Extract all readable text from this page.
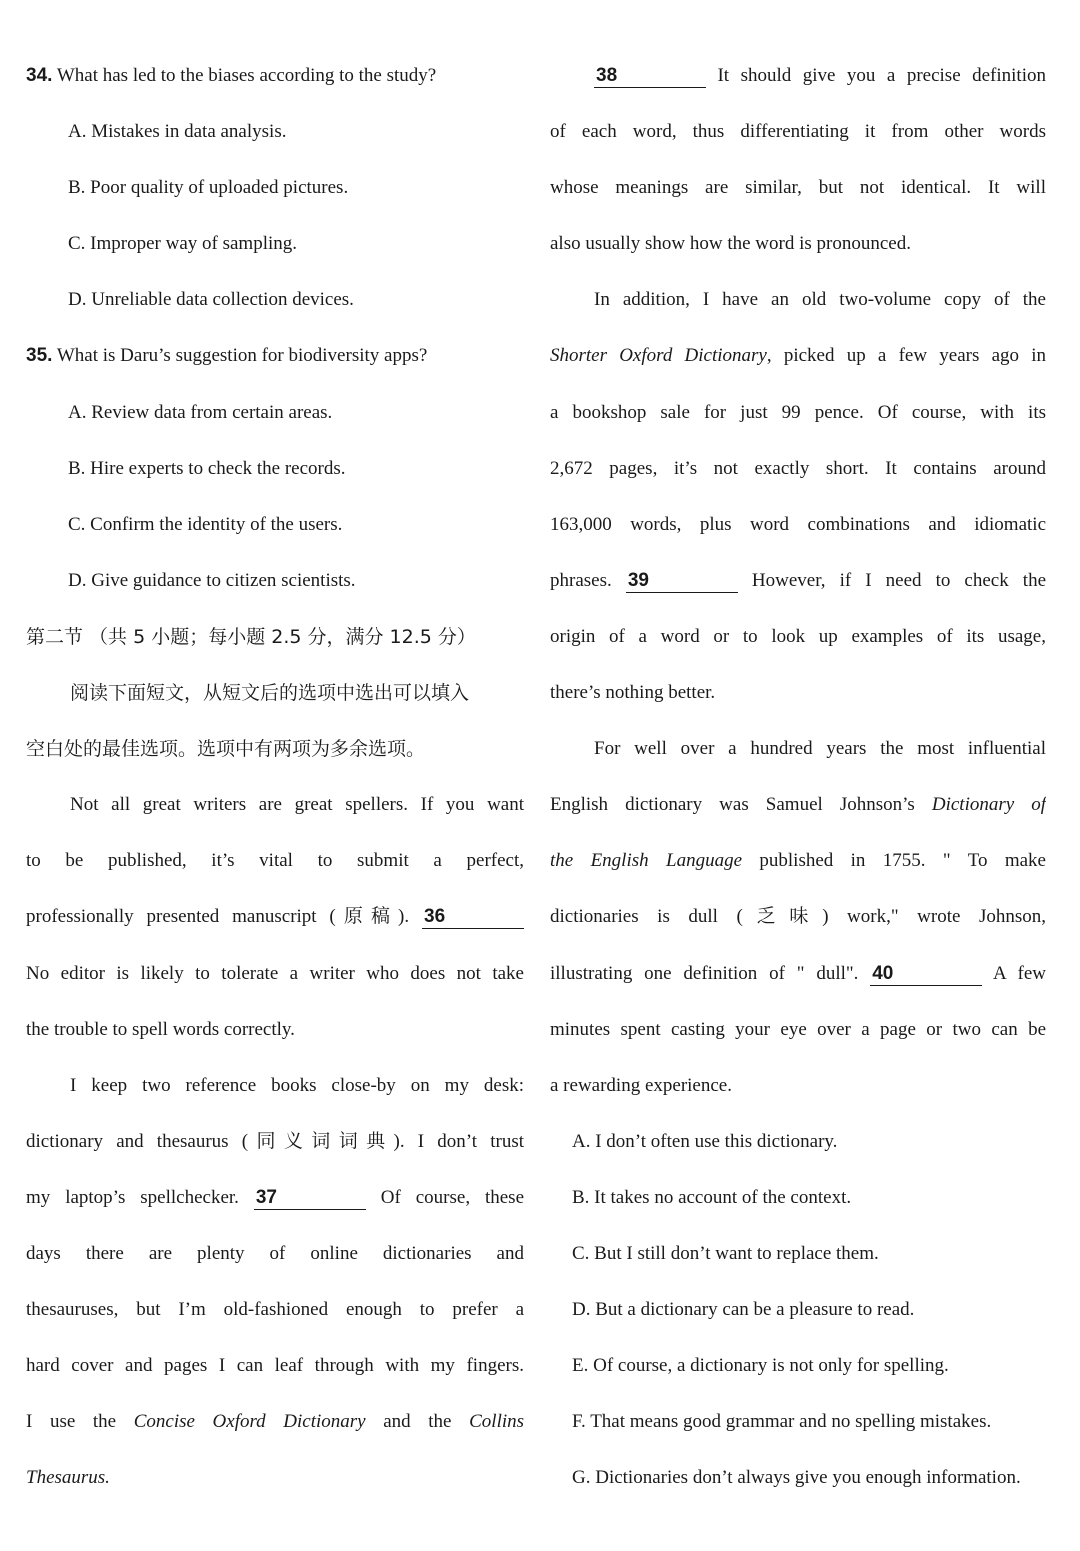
34. What has led to the biases according to the study?
A. Mistakes in data analysis.
B. Poor quality of uploaded pictures.
C. Improper way of sampling.
D. Unreliable data collection devices.
35. What is Daru’s suggestion for biodiversity apps?
A. Review data from certain areas.
B. Hire experts to check the records.
C. Confirm the identity of the users.
D. Give guidance to citizen scientists.
第二节 （共 5 小题；每小题 2.5 分，满分 12.5 分）
阅读下面短文，从短文后的选项中选出可以填入
空白处的最佳选项。选项中有两项为多余选项。
Not all great writers are great spellers. If you want
to be published, it’s vital to submit a perfect,
professionally presented manuscript (原稿). 36
No editor is likely to tolerate a writer who does not take
the trouble to spell words correctly.
I keep two reference books close-by on my desk:
dictionary and thesaurus (同义词词典). I don’t trust
my laptop’s spellchecker. 37	Of course, these
days there are plenty of online dictionaries and
thesauruses, but I’m old-fashioned enough to prefer a
hard cover and pages I can leaf through with my fingers.
I use the Concise Oxford Dictionary and the Collins
Thesaurus.
38	It should give you a precise definition
of each word, thus differentiating it from other words
whose meanings are similar, but not identical. It will
also usually show how the word is pronounced.
In addition, I have an old two-volume copy of the
Shorter Oxford Dictionary, picked up a few years ago in
a bookshop sale for just 99 pence. Of course, with its
2,672 pages, it’s not exactly short. It contains around
163,000 words, plus word combinations and idiomatic
phrases. 39	However, if I need to check the
origin of a word or to look up examples of its usage,
there’s nothing better.
For well over a hundred years the most influential
English dictionary was Samuel Johnson’s Dictionary of
the English Language published in 1755. " To make
dictionaries is dull (乏味) work," wrote Johnson,
illustrating one definition of " dull". 40	A few
minutes spent casting your eye over a page or two can be
a rewarding experience.
A. I don’t often use this dictionary.
B. It takes no account of the context.
C. But I still don’t want to replace them.
D. But a dictionary can be a pleasure to read.
E. Of course, a dictionary is not only for spelling.
F. That means good grammar and no spelling mistakes.
G. Dictionaries don’t always give you enough information.
